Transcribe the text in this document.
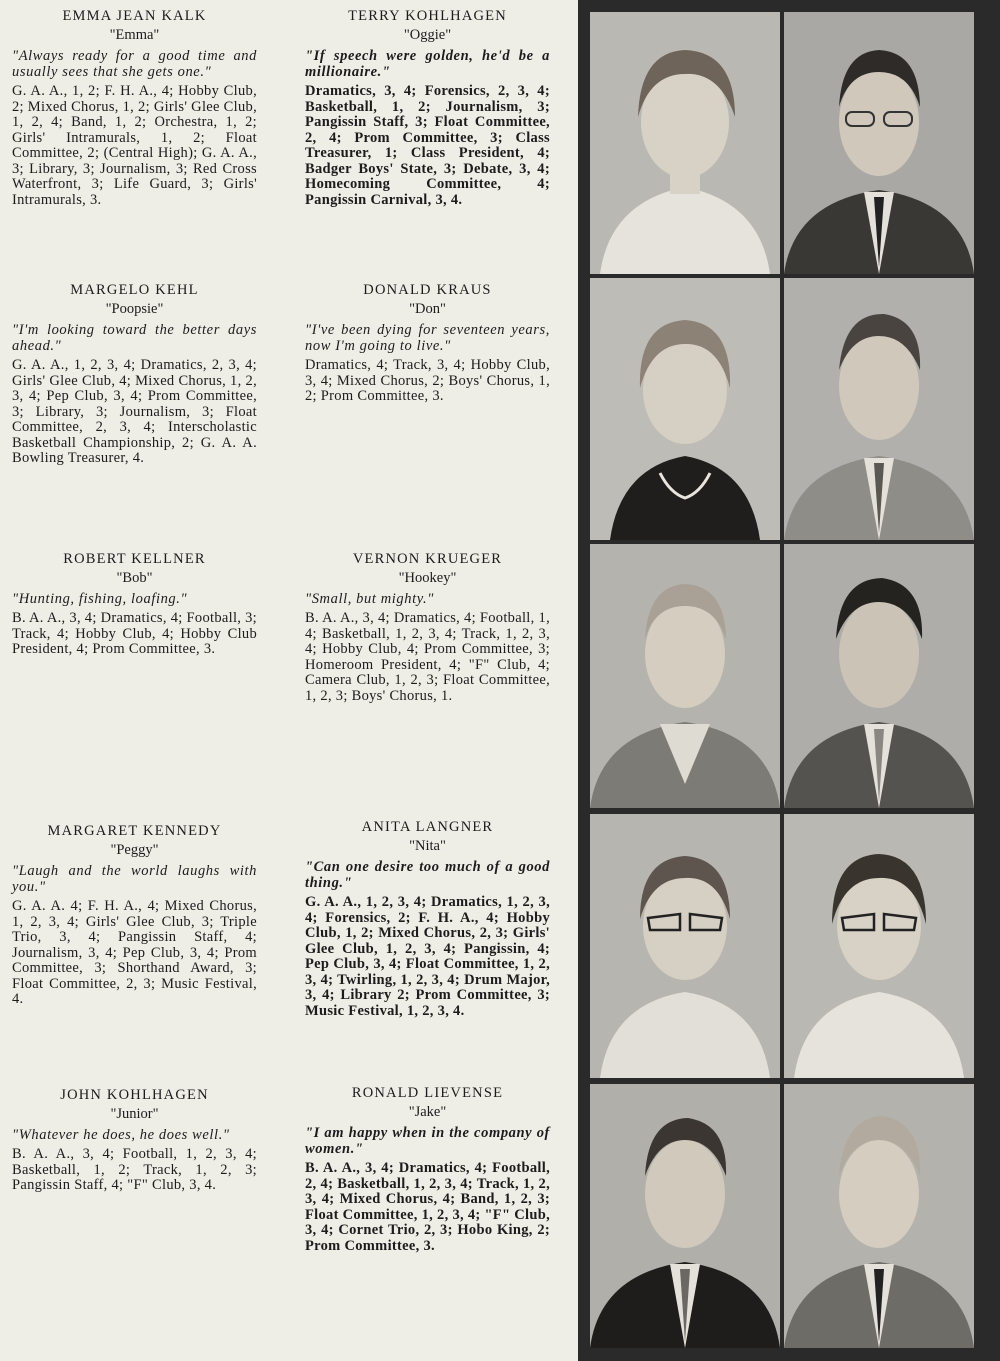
EMMA JEAN KALK
"Emma"
"Always ready for a good time and usually sees that she gets one."
G. A. A., 1, 2; F. H. A., 4; Hobby Club, 2; Mixed Chorus, 1, 2; Girls' Glee Club, 1, 2, 4; Band, 1, 2; Orchestra, 1, 2; Girls' Intramurals, 1, 2; Float Committee, 2; (Central High); G. A. A., 3; Library, 3; Journalism, 3; Red Cross Waterfront, 3; Life Guard, 3; Girls' Intramurals, 3.
TERRY KOHLHAGEN
"Oggie"
"If speech were golden, he'd be a millionaire."
Dramatics, 3, 4; Forensics, 2, 3, 4; Basketball, 1, 2; Journalism, 3; Pangissin Staff, 3; Float Committee, 2, 4; Prom Committee, 3; Class Treasurer, 1; Class President, 4; Badger Boys' State, 3; Debate, 3, 4; Homecoming Committee, 4; Pangissin Carnival, 3, 4.
MARGELO KEHL
"Poopsie"
"I'm looking toward the better days ahead."
G. A. A., 1, 2, 3, 4; Dramatics, 2, 3, 4; Girls' Glee Club, 4; Mixed Chorus, 1, 2, 3, 4; Pep Club, 3, 4; Prom Committee, 3; Library, 3; Journalism, 3; Float Committee, 2, 3, 4; Interscholastic Basketball Championship, 2; G. A. A. Bowling Treasurer, 4.
DONALD KRAUS
"Don"
"I've been dying for seventeen years, now I'm going to live."
Dramatics, 4; Track, 3, 4; Hobby Club, 3, 4; Mixed Chorus, 2; Boys' Chorus, 1, 2; Prom Committee, 3.
ROBERT KELLNER
"Bob"
"Hunting, fishing, loafing."
B. A. A., 3, 4; Dramatics, 4; Football, 3; Track, 4; Hobby Club, 4; Hobby Club President, 4; Prom Committee, 3.
VERNON KRUEGER
"Hookey"
"Small, but mighty."
B. A. A., 3, 4; Dramatics, 4; Football, 1, 4; Basketball, 1, 2, 3, 4; Track, 1, 2, 3, 4; Hobby Club, 4; Prom Committee, 3; Homeroom President, 4; "F" Club, 4; Camera Club, 1, 2, 3; Float Committee, 1, 2, 3; Boys' Chorus, 1.
MARGARET KENNEDY
"Peggy"
"Laugh and the world laughs with you."
G. A. A. 4; F. H. A., 4; Mixed Chorus, 1, 2, 3, 4; Girls' Glee Club, 3; Triple Trio, 3, 4; Pangissin Staff, 4; Journalism, 3, 4; Pep Club, 3, 4; Prom Committee, 3; Shorthand Award, 3; Float Committee, 2, 3; Music Festival, 4.
ANITA LANGNER
"Nita"
"Can one desire too much of a good thing."
G. A. A., 1, 2, 3, 4; Dramatics, 1, 2, 3, 4; Forensics, 2; F. H. A., 4; Hobby Club, 1, 2; Mixed Chorus, 2, 3; Girls' Glee Club, 1, 2, 3, 4; Pangissin, 4; Pep Club, 3, 4; Float Committee, 1, 2, 3, 4; Twirling, 1, 2, 3, 4; Drum Major, 3, 4; Library 2; Prom Committee, 3; Music Festival, 1, 2, 3, 4.
JOHN KOHLHAGEN
"Junior"
"Whatever he does, he does well."
B. A. A., 3, 4; Football, 1, 2, 3, 4; Basketball, 1, 2; Track, 1, 2, 3; Pangissin Staff, 4; "F" Club, 3, 4.
RONALD LIEVENSE
"Jake"
"I am happy when in the company of women."
B. A. A., 3, 4; Dramatics, 4; Football, 2, 4; Basketball, 1, 2, 3, 4; Track, 1, 2, 3, 4; Mixed Chorus, 4; Band, 1, 2, 3; Float Committee, 1, 2, 3, 4; "F" Club, 3, 4; Cornet Trio, 2, 3; Hobo King, 2; Prom Committee, 3.
